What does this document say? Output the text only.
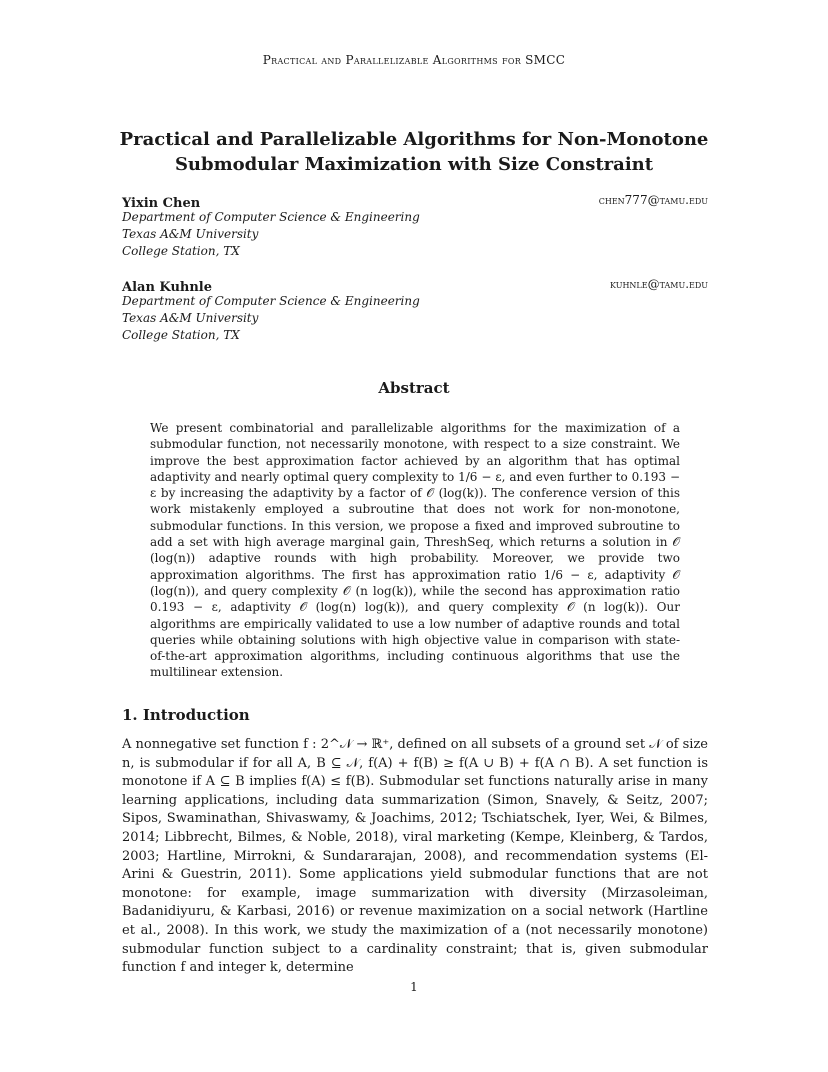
Practical and Parallelizable Algorithms for SMCC
Practical and Parallelizable Algorithms for Non-Monotone
Submodular Maximization with Size Constraint
Yixin Chen	chen777@tamu.edu
Department of Computer Science & Engineering
Texas A&M University
College Station, TX
Alan Kuhnle	kuhnle@tamu.edu
Department of Computer Science & Engineering
Texas A&M University
College Station, TX
Abstract
We present combinatorial and parallelizable algorithms for the maximization of a submodular function, not necessarily monotone, with respect to a size constraint. We improve the best approximation factor achieved by an algorithm that has optimal adaptivity and nearly optimal query complexity to 1/6 − ε, and even further to 0.193 − ε by increasing the adaptivity by a factor of 𝒪 (log(k)). The conference version of this work mistakenly employed a subroutine that does not work for non-monotone, submodular functions. In this version, we propose a fixed and improved subroutine to add a set with high average marginal gain, ThreshSeq, which returns a solution in 𝒪 (log(n)) adaptive rounds with high probability. Moreover, we provide two approximation algorithms. The first has approximation ratio 1/6 − ε, adaptivity 𝒪 (log(n)), and query complexity 𝒪 (n log(k)), while the second has approximation ratio 0.193 − ε, adaptivity 𝒪 (log(n) log(k)), and query complexity 𝒪 (n log(k)). Our algorithms are empirically validated to use a low number of adaptive rounds and total queries while obtaining solutions with high objective value in comparison with state-of-the-art approximation algorithms, including continuous algorithms that use the multilinear extension.
1. Introduction
A nonnegative set function f : 2^𝒩 → ℝ⁺, defined on all subsets of a ground set 𝒩 of size n, is submodular if for all A, B ⊆ 𝒩, f(A) + f(B) ≥ f(A ∪ B) + f(A ∩ B). A set function is monotone if A ⊆ B implies f(A) ≤ f(B). Submodular set functions naturally arise in many learning applications, including data summarization (Simon, Snavely, & Seitz, 2007; Sipos, Swaminathan, Shivaswamy, & Joachims, 2012; Tschiatschek, Iyer, Wei, & Bilmes, 2014; Libbrecht, Bilmes, & Noble, 2018), viral marketing (Kempe, Kleinberg, & Tardos, 2003; Hartline, Mirrokni, & Sundararajan, 2008), and recommendation systems (El-Arini & Guestrin, 2011). Some applications yield submodular functions that are not monotone: for example, image summarization with diversity (Mirzasoleiman, Badanidiyuru, & Karbasi, 2016) or revenue maximization on a social network (Hartline et al., 2008). In this work, we study the maximization of a (not necessarily monotone) submodular function subject to a cardinality constraint; that is, given submodular function f and integer k, determine
1
